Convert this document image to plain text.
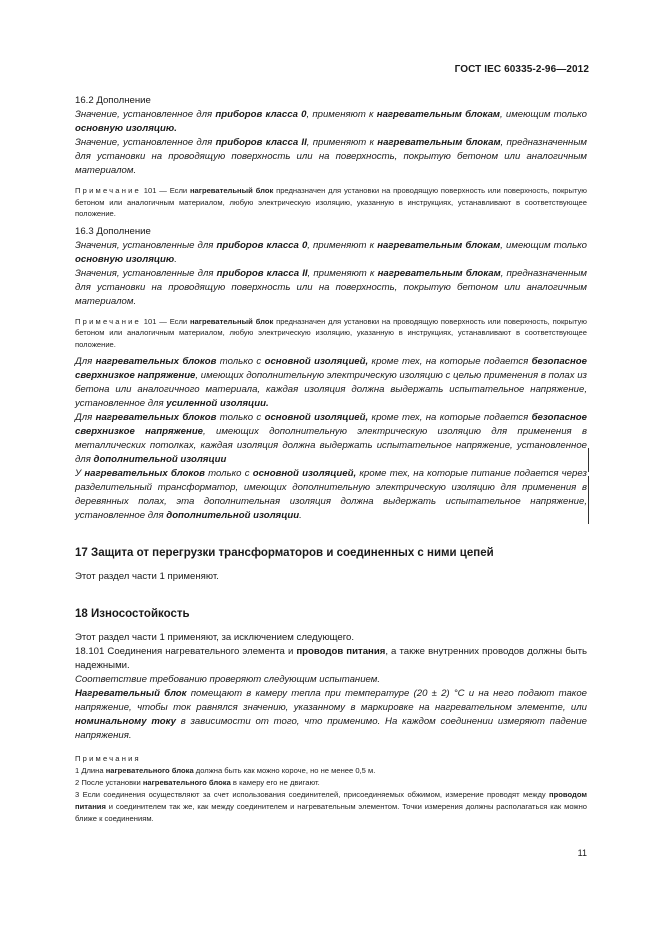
ГОСТ IEC 60335-2-96—2012

16.2 Дополнение

Значение, установленное для приборов класса 0, применяют к нагревательным блокам, имеющим только основную изоляцию.

Значение, установленное для приборов класса II, применяют к нагревательным блокам, предназначенным для установки на проводящую поверхность или на поверхность, покрытую бетоном или аналогичным материалом.

Примечание 101 — Если нагревательный блок предназначен для установки на проводящую поверхность или поверхность, покрытую бетоном или аналогичным материалом, любую электрическую изоляцию, указанную в инструкциях, устанавливают в соответствующее положение.

16.3 Дополнение

Значения, установленные для приборов класса 0, применяют к нагревательным блокам, имеющим только основную изоляцию.

Значения, установленные для приборов класса II, применяют к нагревательным блокам, предназначенным для установки на проводящую поверхность или на поверхность, покрытую бетоном или аналогичным материалом.

Примечание 101 — Если нагревательный блок предназначен для установки на проводящую поверхность или поверхность, покрытую бетоном или аналогичным материалом, любую электрическую изоляцию, указанную в инструкциях, устанавливают в соответствующее положение.

Для нагревательных блоков только с основной изоляцией, кроме тех, на которые подается безопасное сверхнизкое напряжение, имеющих дополнительную электрическую изоляцию с целью применения в полах из бетона или аналогичного материала, каждая изоляция должна выдержать испытательное напряжение, установленное для усиленной изоляции.

Для нагревательных блоков только с основной изоляцией, кроме тех, на которые подается безопасное сверхнизкое напряжение, имеющих дополнительную электрическую изоляцию для применения в металлических потолках, каждая изоляция должна выдержать испытательное напряжение, установленное для дополнительной изоляции

У нагревательных блоков только с основной изоляцией, кроме тех, на которые питание подается через разделительный трансформатор, имеющих дополнительную электрическую изоляцию для применения в деревянных полах, эта дополнительная изоляция должна выдержать испытательное напряжение, установленное для дополнительной изоляции.

17 Защита от перегрузки трансформаторов и соединенных с ними цепей

Этот раздел части 1 применяют.

18 Износостойкость

Этот раздел части 1 применяют, за исключением следующего.

18.101 Соединения нагревательного элемента и проводов питания, а также внутренних проводов должны быть надежными.

Соответствие требованию проверяют следующим испытанием.

Нагревательный блок помещают в камеру тепла при температуре (20 ± 2) °С и на него подают такое напряжение, чтобы ток равнялся значению, указанному в маркировке на нагревательном элементе, или номинальному току в зависимости от того, что применимо. На каждом соединении измеряют падение напряжения.

Примечания

1 Длина нагревательного блока должна быть как можно короче, но не менее 0,5 м.

2 После установки нагревательного блока в камеру его не двигают.

3 Если соединения осуществляют за счет использования соединителей, присоединяемых обжимом, измерение проводят между проводом питания и соединителем так же, как между соединителем и нагревательным элементом. Точки измерения должны располагаться как можно ближе к соединениям.

11
